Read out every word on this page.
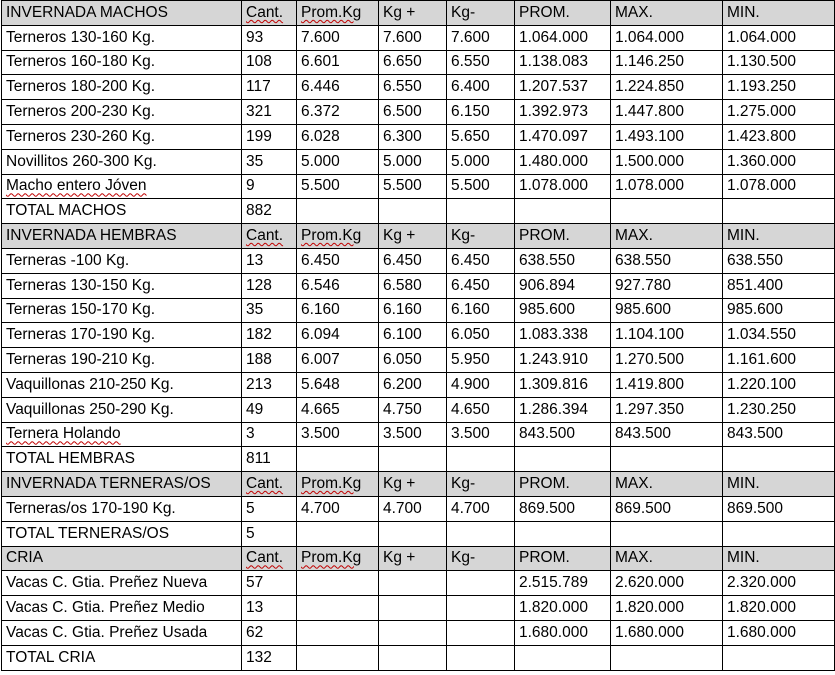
INVERNADA MACHOS	Cant.	Prom.Kg	Kg +	Kg-	PROM.	MAX.	MIN.
Terneros 130-160 Kg.	93	7.600	7.600	7.600	1.064.000	1.064.000	1.064.000
Terneros 160-180 Kg.	108	6.601	6.650	6.550	1.138.083	1.146.250	1.130.500
Terneros 180-200 Kg.	117	6.446	6.550	6.400	1.207.537	1.224.850	1.193.250
Terneros 200-230 Kg.	321	6.372	6.500	6.150	1.392.973	1.447.800	1.275.000
Terneros 230-260 Kg.	199	6.028	6.300	5.650	1.470.097	1.493.100	1.423.800
Novillitos 260-300 Kg.	35	5.000	5.000	5.000	1.480.000	1.500.000	1.360.000
Macho entero Jóven	9	5.500	5.500	5.500	1.078.000	1.078.000	1.078.000
TOTAL MACHOS	882						
INVERNADA HEMBRAS	Cant.	Prom.Kg	Kg +	Kg-	PROM.	MAX.	MIN.
Terneras -100 Kg.	13	6.450	6.450	6.450	638.550	638.550	638.550
Terneras 130-150 Kg.	128	6.546	6.580	6.450	906.894	927.780	851.400
Terneras 150-170 Kg.	35	6.160	6.160	6.160	985.600	985.600	985.600
Terneras 170-190 Kg.	182	6.094	6.100	6.050	1.083.338	1.104.100	1.034.550
Terneras 190-210 Kg.	188	6.007	6.050	5.950	1.243.910	1.270.500	1.161.600
Vaquillonas 210-250 Kg.	213	5.648	6.200	4.900	1.309.816	1.419.800	1.220.100
Vaquillonas 250-290 Kg.	49	4.665	4.750	4.650	1.286.394	1.297.350	1.230.250
Ternera Holando	3	3.500	3.500	3.500	843.500	843.500	843.500
TOTAL HEMBRAS	811						
INVERNADA TERNERAS/OS	Cant.	Prom.Kg	Kg +	Kg-	PROM.	MAX.	MIN.
Terneras/os 170-190 Kg.	5	4.700	4.700	4.700	869.500	869.500	869.500
TOTAL TERNERAS/OS	5						
CRIA	Cant.	Prom.Kg	Kg +	Kg-	PROM.	MAX.	MIN.
Vacas C. Gtia. Preñez Nueva	57				2.515.789	2.620.000	2.320.000
Vacas C. Gtia. Preñez Medio	13				1.820.000	1.820.000	1.820.000
Vacas C. Gtia. Preñez Usada	62				1.680.000	1.680.000	1.680.000
TOTAL CRIA	132						
